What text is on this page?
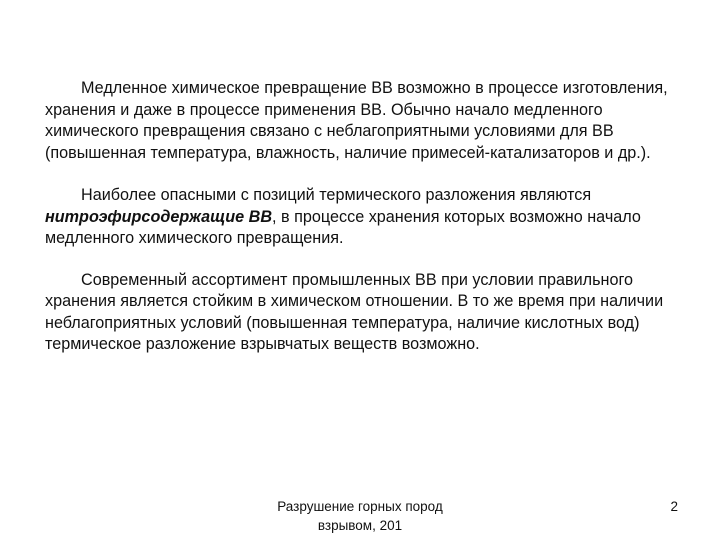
Медленное химическое превращение ВВ возможно в процессе изготовления, хранения и даже в процессе применения ВВ. Обычно начало медленного химического превращения связано с неблагоприятными условиями для ВВ (повышенная температура, влажность, наличие примесей-катализаторов и др.).

Наиболее опасными с позиций термического разложения являются нитроэфирсодержащие ВВ, в процессе хранения которых возможно начало медленного химического превращения.

Современный ассортимент промышленных ВВ при условии правильного хранения является стойким в химическом отношении. В то же время при наличии неблагоприятных условий (повышенная температура, наличие кислотных вод) термическое разложение взрывчатых веществ возможно.

Разрушение горных пород
взрывом, 201
2
